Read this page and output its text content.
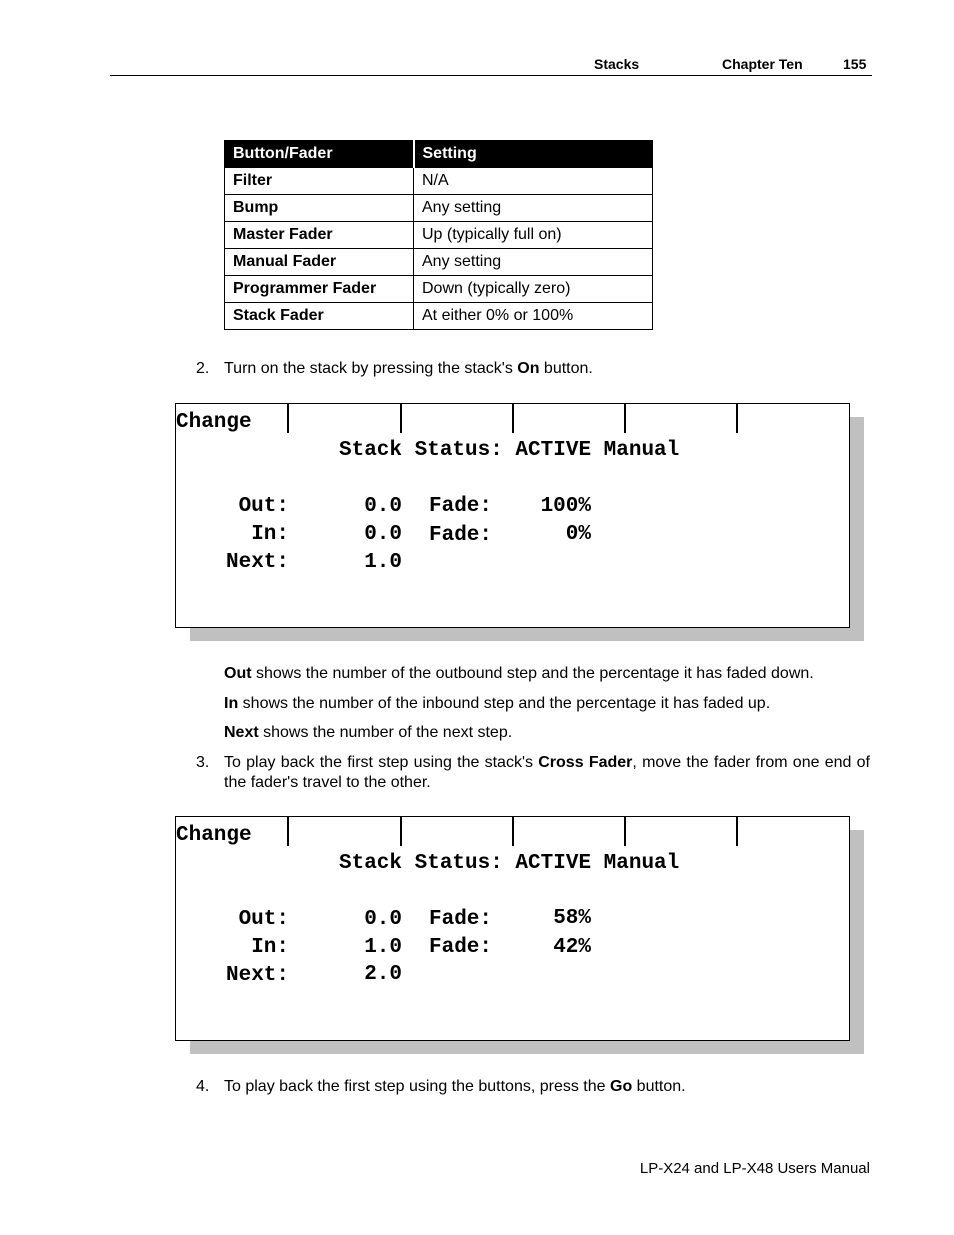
Stacks	Chapter Ten	155
Button/Fader	Setting
Filter	N/A
Bump	Any setting
Master Fader	Up (typically full on)
Manual Fader	Any setting
Programmer Fader	Down (typically zero)
Stack Fader	At either 0% or 100%
2. Turn on the stack by pressing the stack's On button.
Change
Stack Status: ACTIVE Manual
Out:	0.0 Fade:	100%
In:	0.0 Fade:	0%
Next:	1.0
Out shows the number of the outbound step and the percentage it has faded down.
In shows the number of the inbound step and the percentage it has faded up.
Next shows the number of the next step.
3. To play back the first step using the stack's Cross Fader, move the fader from one end of the fader's travel to the other.
Change
Stack Status: ACTIVE Manual
Out:	0.0 Fade:	58%
In:	1.0 Fade:	42%
Next:	2.0
4. To play back the first step using the buttons, press the Go button.
LP-X24 and LP-X48 Users Manual
